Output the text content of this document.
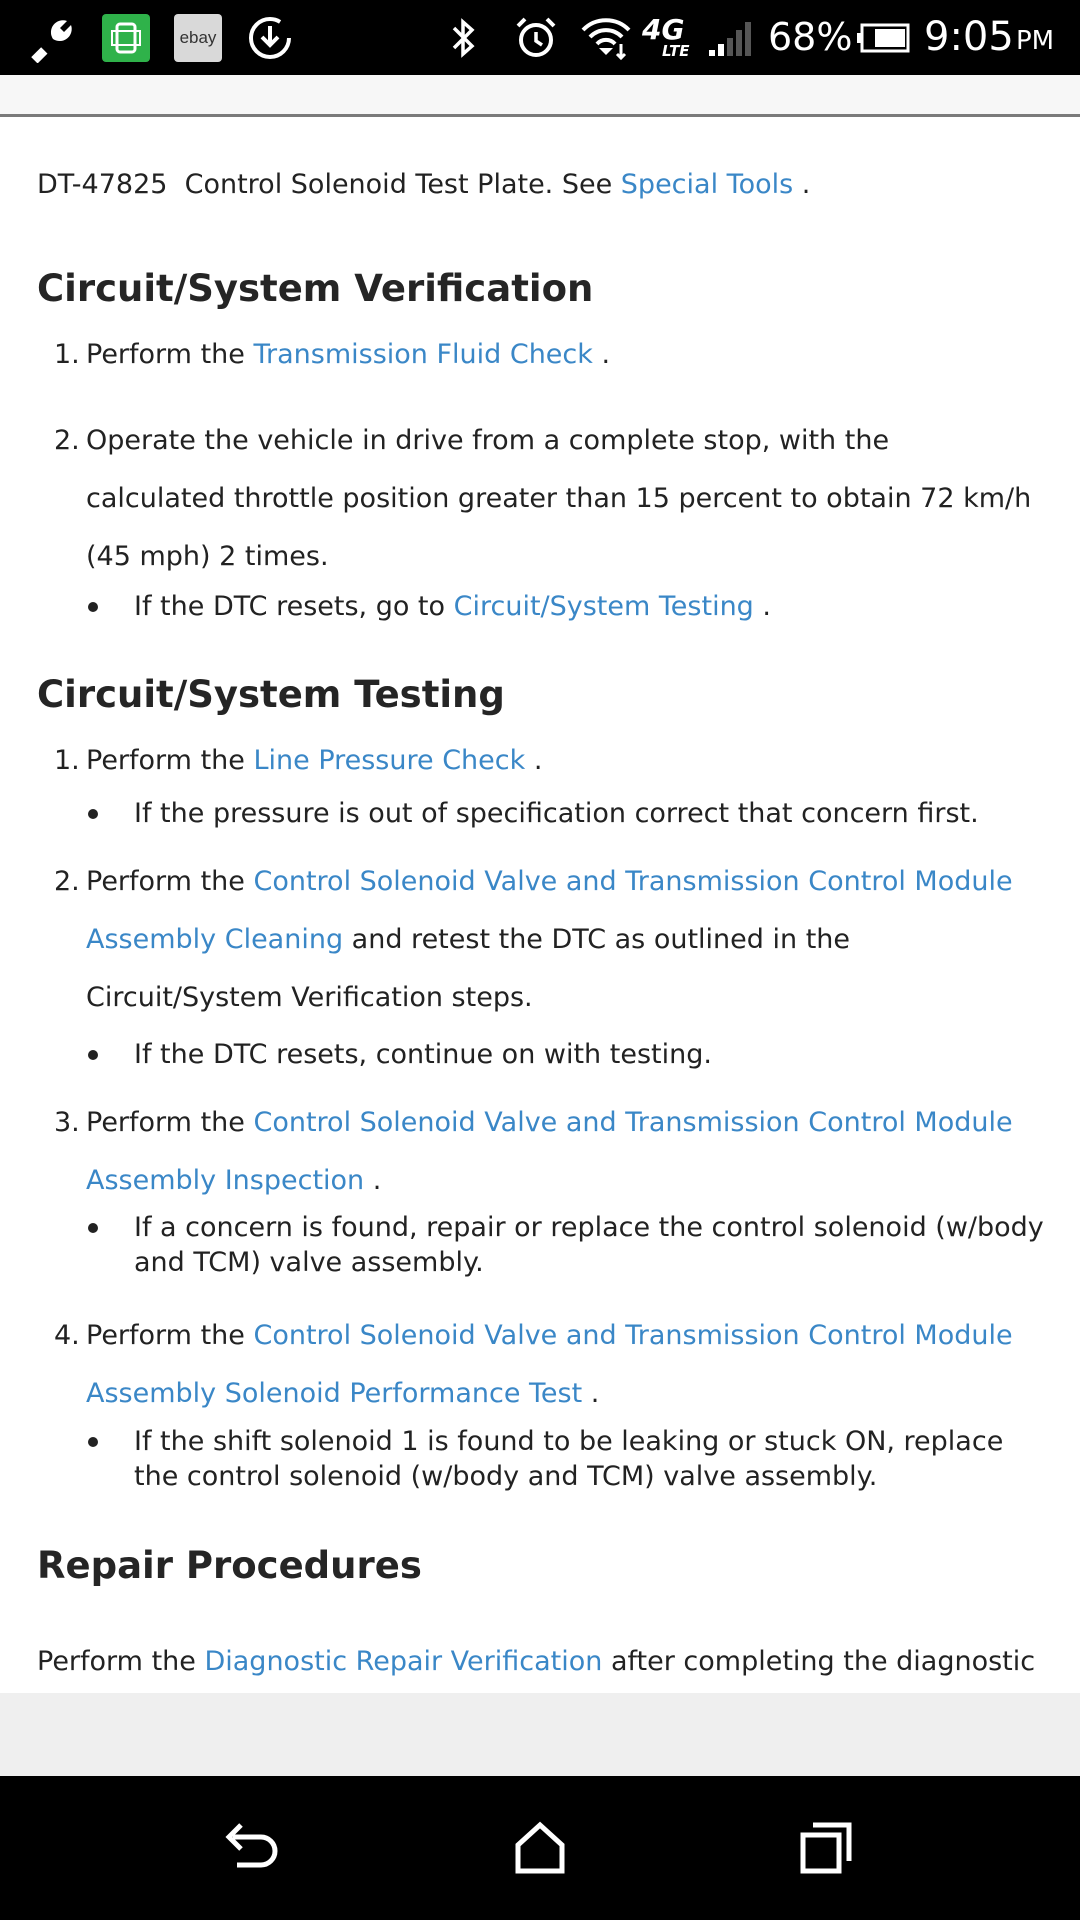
ebay	4G
LTE 68% 9:05 PM

DT-47825  Control Solenoid Test Plate. See Special Tools .

Circuit/System Verification
1. Perform the Transmission Fluid Check .
2. Operate the vehicle in drive from a complete stop, with the calculated throttle position greater than 15 percent to obtain 72 km/h (45 mph) 2 times.
If the DTC resets, go to Circuit/System Testing .
Circuit/System Testing
1. Perform the Line Pressure Check .
If the pressure is out of specification correct that concern first.
2. Perform the Control Solenoid Valve and Transmission Control Module Assembly Cleaning and retest the DTC as outlined in the Circuit/System Verification steps.
If the DTC resets, continue on with testing.
3. Perform the Control Solenoid Valve and Transmission Control Module Assembly Inspection .
If a concern is found, repair or replace the control solenoid (w/body and TCM) valve assembly.
4. Perform the Control Solenoid Valve and Transmission Control Module Assembly Solenoid Performance Test .
If the shift solenoid 1 is found to be leaking or stuck ON, replace the control solenoid (w/body and TCM) valve assembly.
Repair Procedures

Perform the Diagnostic Repair Verification after completing the diagnostic
